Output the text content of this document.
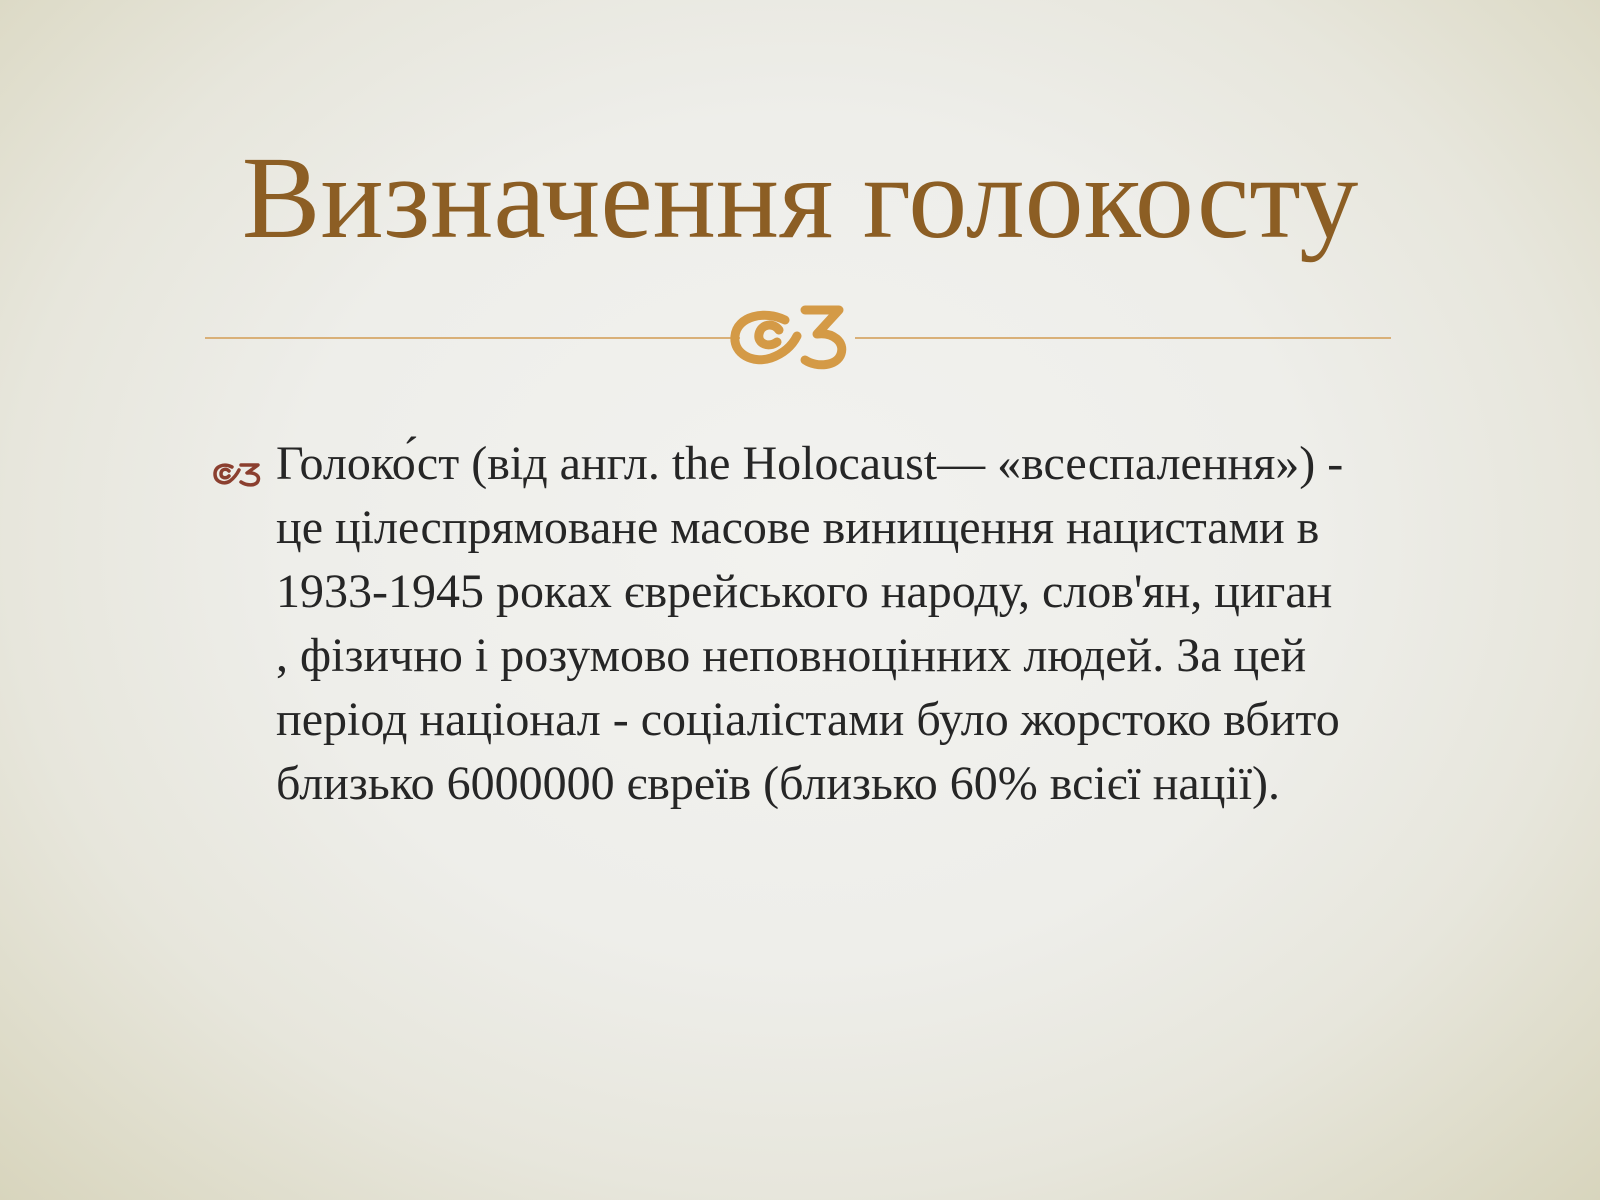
Визначення голокосту

Голоко́ст (від англ. the Holocaust— «всеспалення») - це цілеспрямоване масове винищення нацистами в 1933-1945 роках єврейського народу, слов'ян, циган , фізично і розумово неповноцінних людей. За цей період націонал - соціалістами було жорстоко вбито близько 6000000 євреїв (близько 60% всієї нації).
